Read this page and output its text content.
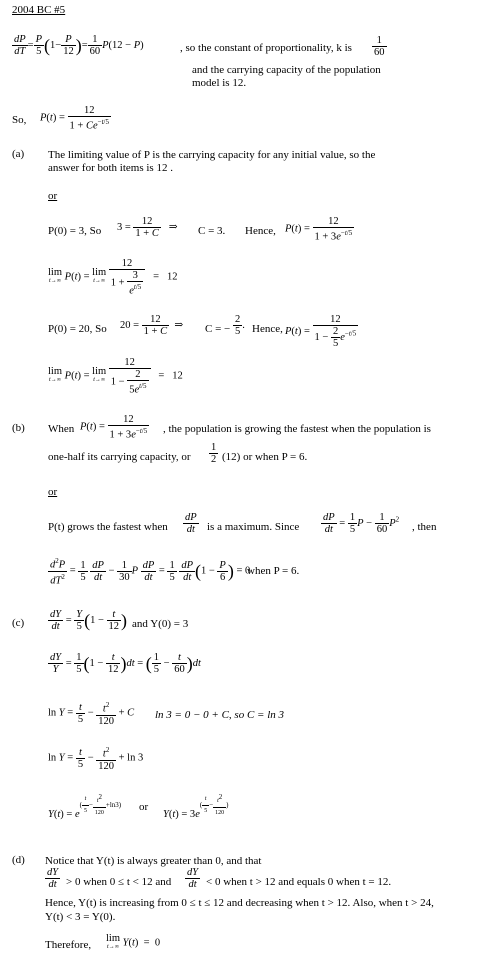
2004 BC #5
$\frac{dP}{dT} = \frac{P}{5} (1- \frac{P}{12}$ )= $\frac{1}{60} P(12 - P)$	, so the constant of proportionality, k is $\frac{1}{60}$
and the carrying capacity of the population
model is 12.
So, $P(t) = \frac{12}{1 + Ce^{-t/5}}$
(a) The limiting value of P is the carrying capacity for any initial value, so the
answer for both items is 12 .
or
P(0) = 3, So $3 = \frac{12}{1 + C}$ ⇒ C = 3. Hence, $P(t) = \frac{12}{1 + 3e^{-t/5}}$
lim
t→∞ P(t) = lim
t→∞
$\frac{12}{1 + \frac{3}{e^{t/5}}} = 12$
P(0) = 20, So $20 = \frac{12}{1 + C}$ ⇒ C = − $\frac{2}{5}$ . Hence, $P(t) = \frac{12}{1 - \frac{2}{5} e^{-t/5}}$
lim
t→∞ P(t) = lim
t→∞
$\frac{12}{1 - \frac{2}{5e^{t/5}}} = 12$
(b) When $P(t) = \frac{12}{1 + 3e^{-t/5}}$ , the population is growing the fastest when the population is
one-half its carrying capacity, or $\frac{1}{2} (12)$ or when P = 6.
or
P(t) grows the fastest when $\frac{dP}{dt}$ is a maximum. Since $\frac{dP}{dt} = \frac{1}{5}$ $P - \frac{1}{60} P^2$
, then
$\frac{d^2P}{dT^2} = \frac{1}{5}$
$\frac{dP}{dt} - \frac{1}{30}$ P $\frac{dP}{dt} = \frac{1}{5}$
$\frac{dP}{dt} (1 - \frac{P}{6}$ ) = 0
when P = 6.
$(c) \frac{dY}{dt} = \frac{Y}{5} (1 - \frac{t}{12}$ ) and Y(0) = 3
$\frac{dY}{Y} = \frac{1}{5} (1 - \frac{t}{12} )dt$ = ( $\frac{1}{5} - \frac{t}{60} )dt$
$\ln Y = \frac{t}{5} - \frac{t^2}{120} + C$ ln 3 = 0 − 0 + C, so C = ln 3
$\ln Y = \frac{t}{5} - \frac{t^2}{120} + \ln 3$
$Y(t) = e^{( \frac{t}{5} - \frac{t^2}{120} +ln3)}$ or
$Y(t) = 3e^{( \frac{t}{5} - \frac{t^2}{120} )}$
(d) Notice that Y(t) is always greater than 0, and that
$\frac{dY}{dt} > 0$ when 0 ≤ t < 12 and $\frac{dY}{dt} < 0$ when t > 12 and equals 0 when t = 12.
Hence, Y(t) is increasing from 0 ≤ t ≤ 12 and decreasing when t > 12. Also, when t > 24,
Y(t) < 3 = Y(0).
Therefore,
lim
t→∞ Y(t)  =  0
